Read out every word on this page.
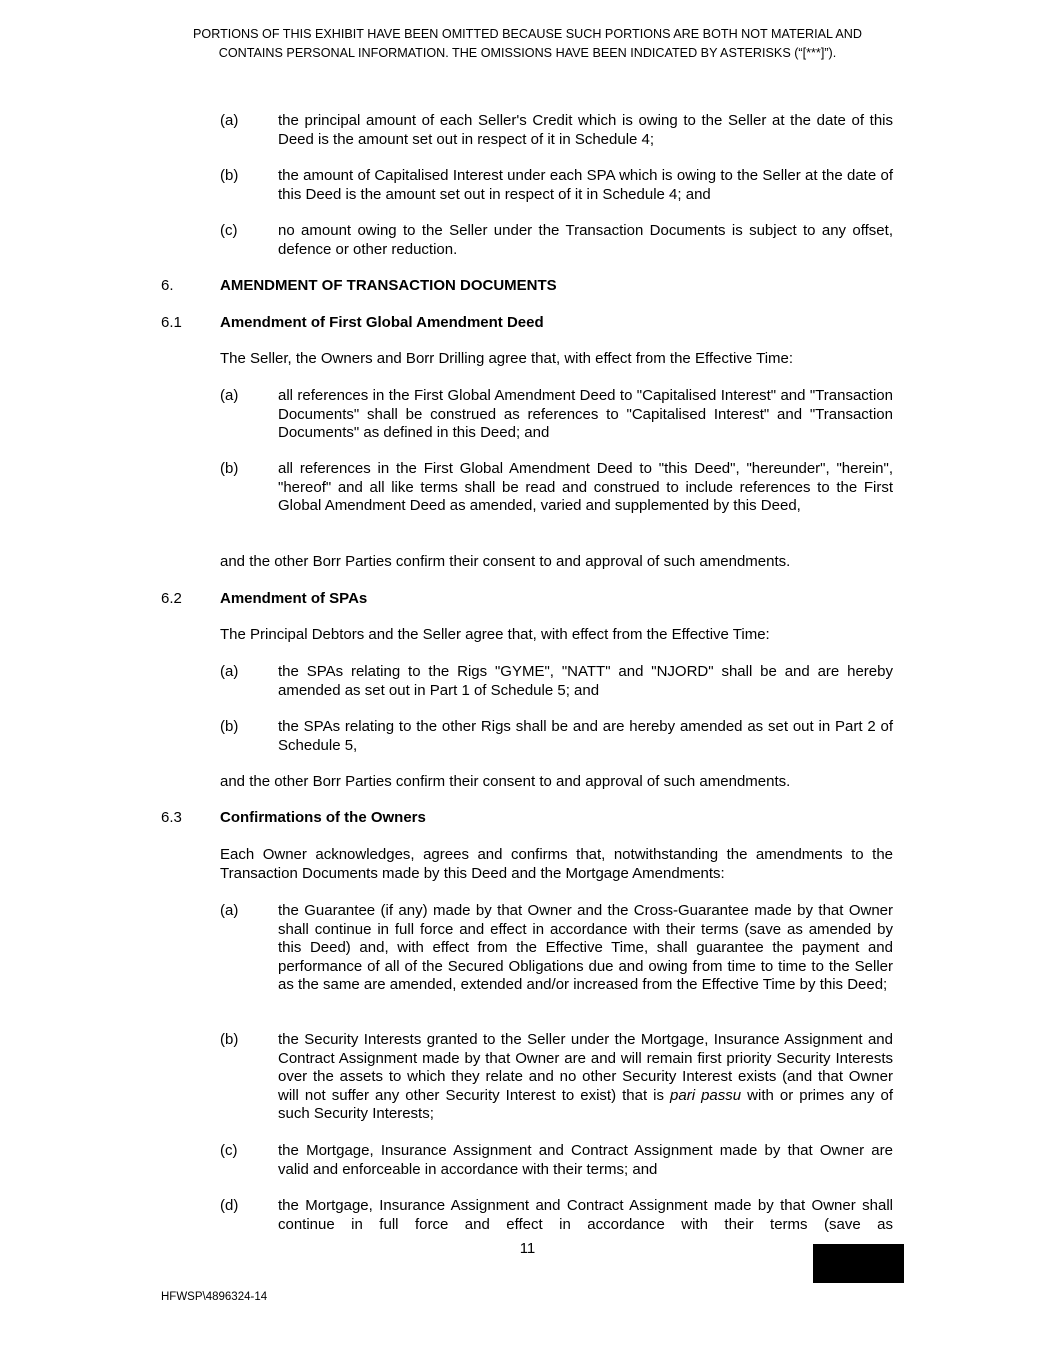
PORTIONS OF THIS EXHIBIT HAVE BEEN OMITTED BECAUSE SUCH PORTIONS ARE BOTH NOT MATERIAL AND
CONTAINS PERSONAL INFORMATION. THE OMISSIONS HAVE BEEN INDICATED BY ASTERISKS (“[***]”).
(a)	the principal amount of each Seller's Credit which is owing to the Seller at the date of this Deed is the amount set out in respect of it in Schedule 4;
(b)	the amount of Capitalised Interest under each SPA which is owing to the Seller at the date of this Deed is the amount set out in respect of it in Schedule 4; and
(c)	no amount owing to the Seller under the Transaction Documents is subject to any offset, defence or other reduction.
6.	AMENDMENT OF TRANSACTION DOCUMENTS
6.1	Amendment of First Global Amendment Deed
The Seller, the Owners and Borr Drilling agree that, with effect from the Effective Time:
(a)	all references in the First Global Amendment Deed to "Capitalised Interest" and "Transaction Documents" shall be construed as references to "Capitalised Interest" and "Transaction Documents" as defined in this Deed; and
(b)	all references in the First Global Amendment Deed to "this Deed", "hereunder", "herein", "hereof" and all like terms shall be read and construed to include references to the First Global Amendment Deed as amended, varied and supplemented by this Deed,
and the other Borr Parties confirm their consent to and approval of such amendments.
6.2	Amendment of SPAs
The Principal Debtors and the Seller agree that, with effect from the Effective Time:
(a)	the SPAs relating to the Rigs "GYME", "NATT" and "NJORD" shall be and are hereby amended as set out in Part 1 of Schedule 5; and
(b)	the SPAs relating to the other Rigs shall be and are hereby amended as set out in Part 2 of Schedule 5,
and the other Borr Parties confirm their consent to and approval of such amendments.
6.3	Confirmations of the Owners
Each Owner acknowledges, agrees and confirms that, notwithstanding the amendments to the Transaction Documents made by this Deed and the Mortgage Amendments:
(a)	the Guarantee (if any) made by that Owner and the Cross-Guarantee made by that Owner shall continue in full force and effect in accordance with their terms (save as amended by this Deed) and, with effect from the Effective Time, shall guarantee the payment and performance of all of the Secured Obligations due and owing from time to time to the Seller as the same are amended, extended and/or increased from the Effective Time by this Deed;
(b)	the Security Interests granted to the Seller under the Mortgage, Insurance Assignment and Contract Assignment made by that Owner are and will remain first priority Security Interests over the assets to which they relate and no other Security Interest exists (and that Owner will not suffer any other Security Interest to exist) that is pari passu with or primes any of such Security Interests;
(c)	the Mortgage, Insurance Assignment and Contract Assignment made by that Owner are valid and enforceable in accordance with their terms; and
(d)	the Mortgage, Insurance Assignment and Contract Assignment made by that Owner shall continue in full force and effect in accordance with their terms (save as
11
HFWSP\4896324-14
